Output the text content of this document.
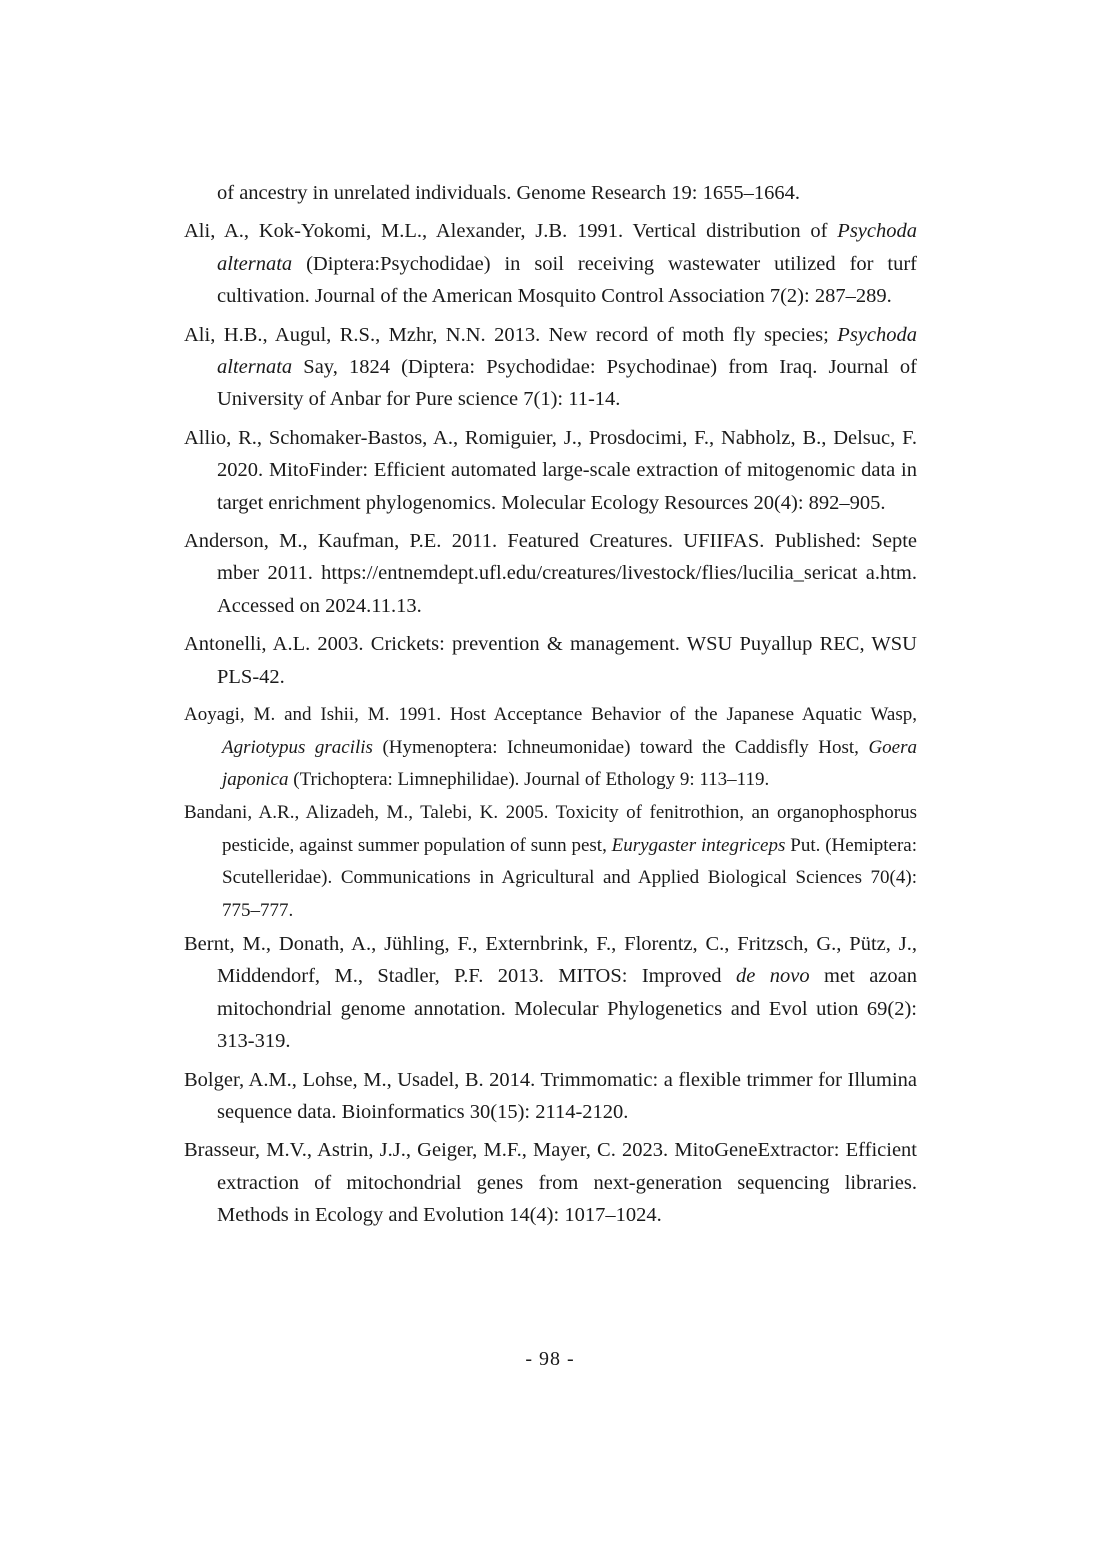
of ancestry in unrelated individuals. Genome Research 19: 1655–1664.

Ali, A., Kok-Yokomi, M.L., Alexander, J.B. 1991. Vertical distribution of Psychoda alternata (Diptera:Psychodidae) in soil receiving wastewater utilized for turf cultivation. Journal of the American Mosquito Control Association 7(2): 287–289.

Ali, H.B., Augul, R.S., Mzhr, N.N. 2013. New record of moth fly species; Psychoda alternata Say, 1824 (Diptera: Psychodidae: Psychodinae) from Iraq. Journal of University of Anbar for Pure science 7(1): 11-14.

Allio, R., Schomaker-Bastos, A., Romiguier, J., Prosdocimi, F., Nabholz, B., Delsuc, F. 2020. MitoFinder: Efficient automated large-scale extraction of mitogenomic data in target enrichment phylogenomics. Molecular Ecology Resources 20(4): 892–905.

Anderson, M., Kaufman, P.E. 2011. Featured Creatures. UFIIFAS. Published: Septe mber 2011. https://entnemdept.ufl.edu/creatures/livestock/flies/lucilia_sericat a.htm. Accessed on 2024.11.13.

Antonelli, A.L. 2003. Crickets: prevention & management. WSU Puyallup REC, WSU PLS-42.

Aoyagi, M. and Ishii, M. 1991. Host Acceptance Behavior of the Japanese Aquatic Wasp, Agriotypus gracilis (Hymenoptera: Ichneumonidae) toward the Caddisfly Host, Goera japonica (Trichoptera: Limnephilidae). Journal of Ethology 9: 113–119.

Bandani, A.R., Alizadeh, M., Talebi, K. 2005. Toxicity of fenitrothion, an organophosphorus pesticide, against summer population of sunn pest, Eurygaster integriceps Put. (Hemiptera: Scutelleridae). Communications in Agricultural and Applied Biological Sciences 70(4): 775–777.

Bernt, M., Donath, A., Jühling, F., Externbrink, F., Florentz, C., Fritzsch, G., Pütz, J., Middendorf, M., Stadler, P.F. 2013. MITOS: Improved de novo met azoan mitochondrial genome annotation. Molecular Phylogenetics and Evol ution 69(2): 313-319.

Bolger, A.M., Lohse, M., Usadel, B. 2014. Trimmomatic: a flexible trimmer for Illumina sequence data. Bioinformatics 30(15): 2114-2120.

Brasseur, M.V., Astrin, J.J., Geiger, M.F., Mayer, C. 2023. MitoGeneExtractor: Efficient extraction of mitochondrial genes from next-generation sequencing libraries. Methods in Ecology and Evolution 14(4): 1017–1024.

- 98 -
